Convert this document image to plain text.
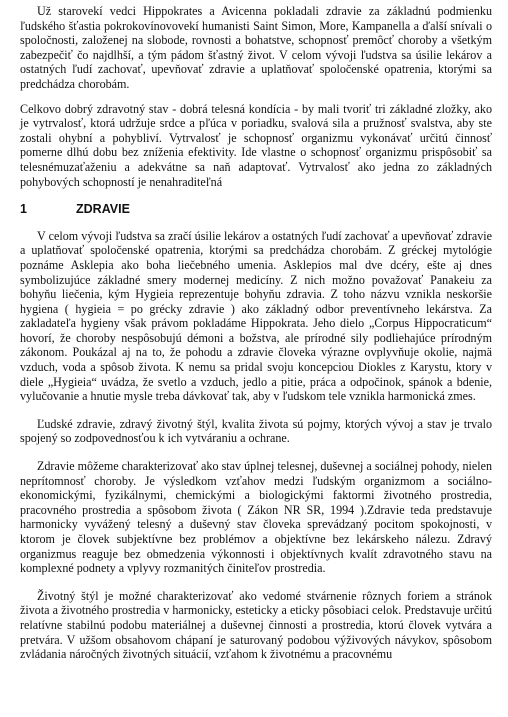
Už starovekí vedci Hippokrates a Avicenna pokladali zdravie za základnú podmienku ľudského šťastia pokrokovínovovekí humanisti Saint Simon, More, Kampanella a ďalší snívali o spoločnosti, založenej na slobode, rovnosti a bohatstve, schopnosť premôcť choroby a všetkým zabezpečiť čo najdlhší, a tým pádom šťastný život. V celom vývoji ľudstva sa úsilie lekárov a ostatných ľudí zachovať, upevňovať zdravie a uplatňovať spoločenské opatrenia, ktorými sa predchádza chorobám.

Celkovo dobrý zdravotný stav - dobrá telesná kondícia - by mali tvoriť tri základné zložky, ako je vytrvalosť, ktorá udržuje srdce a pľúca v poriadku, svalová sila a pružnosť svalstva, aby ste zostali ohybní a pohybliví. Vytrvalosť je schopnosť organizmu vykonávať určitú činnosť pomerne dlhú dobu bez zníženia efektivity. Ide vlastne o schopnosť organizmu prispôsobiť sa telesnémuzaťaženiu a adekvátne sa naň adaptovať. Vytrvalosť ako jedna zo základných pohybových schopností je nenahraditeľná

1	ZDRAVIE

V celom vývoji ľudstva sa zračí úsilie lekárov a ostatných ľudí zachovať a upevňovať zdravie a uplatňovať spoločenské opatrenia, ktorými sa predchádza chorobám. Z gréckej mytológie poznáme Asklepia ako boha liečebného umenia. Asklepios mal dve dcéry, ešte aj dnes symbolizujúce základné smery modernej medicíny. Z nich možno považovať Panakeiu za bohyňu liečenia, kým Hygieia reprezentuje bohyňu zdravia. Z toho názvu vznikla neskoršie hygiena ( hygieia = po grécky zdravie ) ako základný odbor preventívneho lekárstva. Za zakladateľa hygieny však právom pokladáme Hippokrata. Jeho dielo „Corpus Hippocraticum“ hovorí, že choroby nespôsobujú démoni a božstva, ale prírodné sily podliehajúce prírodným zákonom. Poukázal aj na to, že pohodu a zdravie človeka výrazne ovplyvňuje okolie, najmä vzduch, voda a spôsob života. K nemu sa pridal svoju koncepciou Diokles z Karystu, ktory v diele „Hygieia“ uvádza, že svetlo a vzduch, jedlo a pitie, práca a odpočinok, spánok a bdenie, vylučovanie a hnutie mysle treba dávkovať tak, aby v ľudskom tele vznikla harmonická zmes.

Ľudské zdravie, zdravý životný štýl, kvalita života sú pojmy, ktorých vývoj a stav je trvalo spojený so zodpovednosťou k ich vytváraniu a ochrane.

Zdravie môžeme charakterizovať ako stav úplnej telesnej, duševnej a sociálnej pohody, nielen neprítomnosť choroby. Je výsledkom vzťahov medzi ľudským organizmom a sociálno-ekonomickými, fyzikálnymi, chemickými a biologickými faktormi životného prostredia, pracovného prostredia a spôsobom života ( Zákon NR SR, 1994 ).Zdravie teda predstavuje harmonicky vyvážený telesný a duševný stav človeka sprevádzaný pocitom spokojnosti, v ktorom je človek subjektívne bez problémov a objektívne bez lekárskeho nálezu. Zdravý organizmus reaguje bez obmedzenia výkonnosti i objektívnych kvalít zdravotného stavu na komplexné podnety a vplyvy rozmanitých činiteľov prostredia.

Životný štýl je možné charakterizovať ako vedomé stvárnenie rôznych foriem a stránok života a životného prostredia v harmonicky, esteticky a eticky pôsobiaci celok. Predstavuje určitú relatívne stabilnú podobu materiálnej a duševnej činnosti a prostredia, ktorú človek vytvára a pretvára. V užšom obsahovom chápaní je saturovaný podobou výživových návykov, spôsobom zvládania náročných životných situácií, vzťahom k životnému a pracovnému
